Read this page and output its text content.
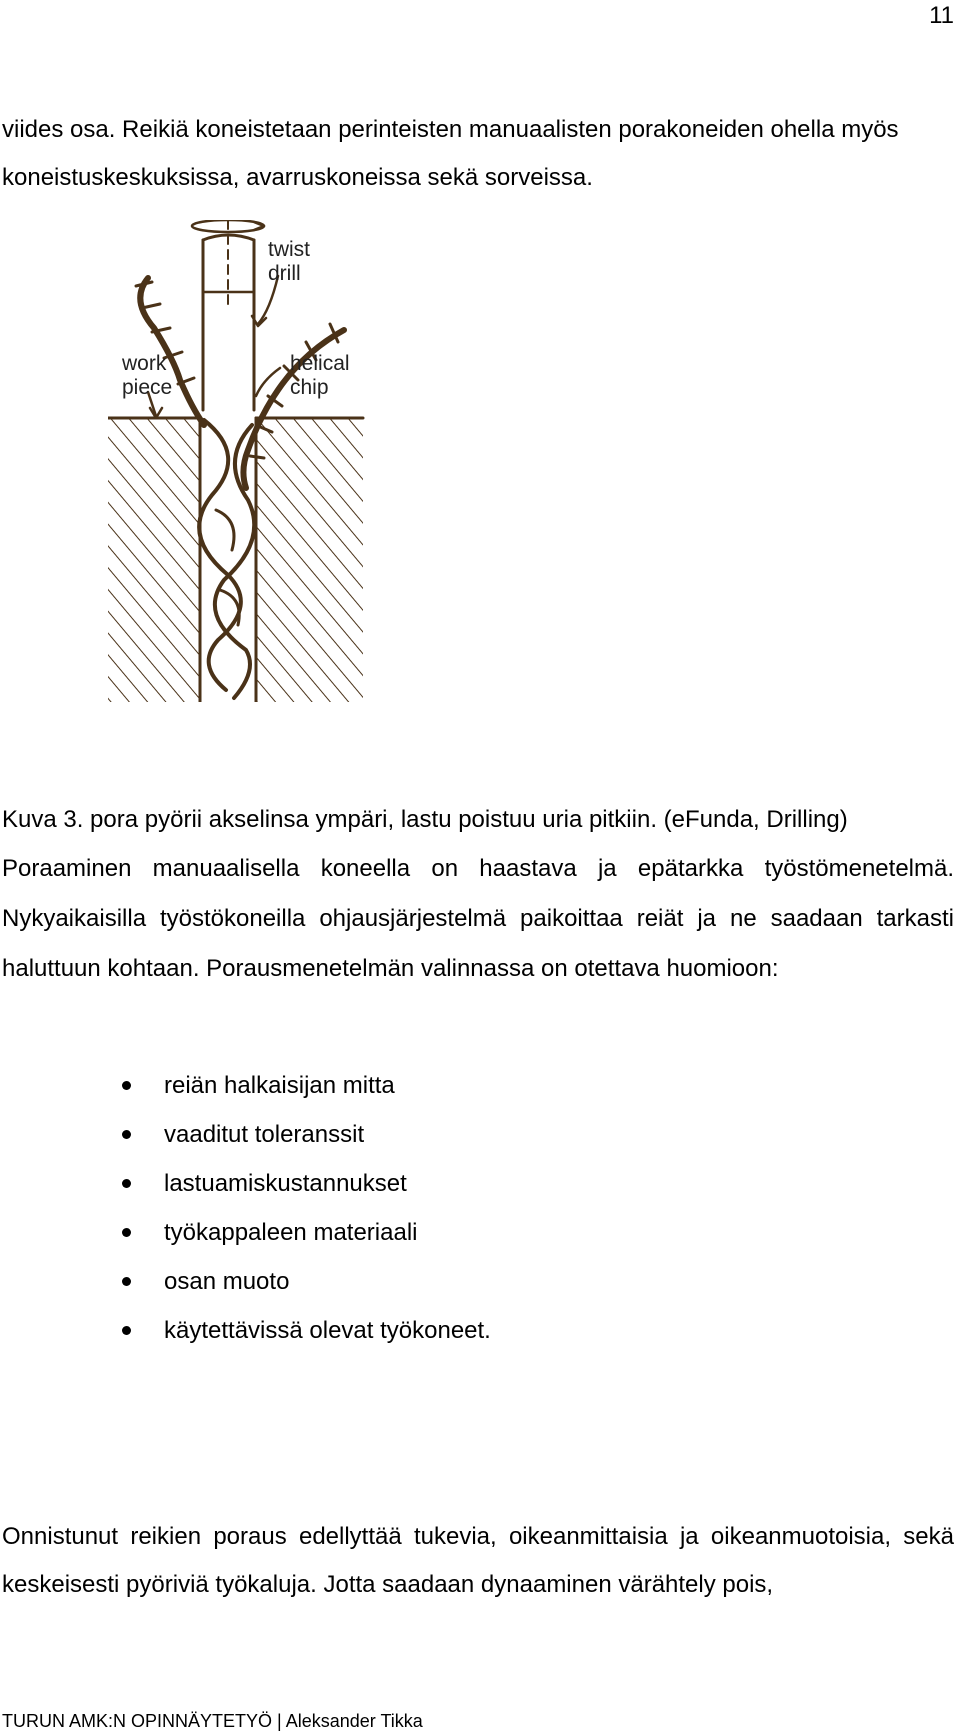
11

viides osa. Reikiä koneistetaan perinteisten manuaalisten porakoneiden ohella myös koneistuskeskuksissa, avarruskoneissa sekä sorveissa.

twist
drill
work
piece
helical
chip

Kuva 3. pora pyörii akselinsa ympäri, lastu poistuu uria pitkiin. (eFunda, Drilling)

Poraaminen manuaalisella koneella on haastava ja epätarkka työstömenetelmä. Nykyaikaisilla työstökoneilla ohjausjärjestelmä paikoittaa reiät ja ne saadaan tarkasti haluttuun kohtaan. Porausmenetelmän valinnassa on otettava huomioon:

reiän halkaisijan mitta
vaaditut toleranssit
lastuamiskustannukset
työkappaleen materiaali
osan muoto
käytettävissä olevat työkoneet.

Onnistunut reikien poraus edellyttää tukevia, oikeanmittaisia ja oikeanmuotoisia, sekä keskeisesti pyöriviä työkaluja. Jotta saadaan dynaaminen värähtely pois,

TURUN AMK:N OPINNÄYTETYÖ | Aleksander Tikka
